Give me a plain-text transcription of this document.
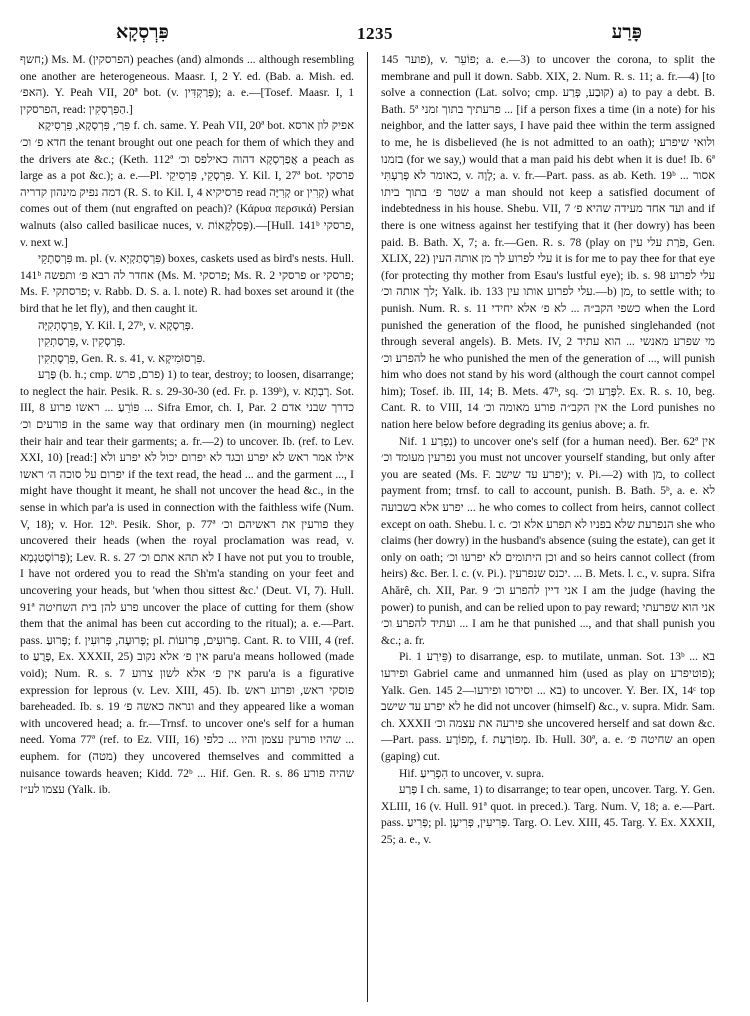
פִּרְסְקָא	1235	פָּרַע

חשף;) Ms. M. (הפרסקין) peaches (and) almonds ... although resembling one another are heterogeneous. Maasr. I, 2 Y. ed. (Bab. a. Mish. ed. האפ׳). Y. Peah VII, 20ª bot. (v. פְּרַקְדִּין); a. e.—[Tosef. Maasr. I, 1 הפרסקין, read: הַפִּרְסְקִין.]

פִּרְ׳, פִּרְסְקָא, פִּרְסִיקָא f. ch. same. Y. Peah VII, 20ª bot. אפיק לון ארסא חדא פ׳ וכ׳ the tenant brought out one peach for them of which they and the drivers ate &c.; (Keth. 112ª אֲפַרְסְקָא דהוה כאילפס וכ׳ a peach as large as a pot &c.); a. e.—Pl. פִּרְסְקֵי, פִּרְסִיקֵי. Y. Kil. I, 27ª bot. פרסקי דמה נפיק מינהון קדריה (R. S. to Kil. I, 4 פרסיקיא read קְרִיָּה or קְרִין) what comes out of them (nut engrafted on peach)? (Κάρυα περσικά) Persian walnuts (also called basilicae nuces, v. פְּסִלְקָאוֹת).—[Hull. 141ᵇ פרסקי, v. next w.]

פִּרְסַתְקֵי m. pl. (v. פִּרְסְתַקְיָא) boxes, caskets used as bird's nests. Hull. 141ᵇ אחדר לה רבא פ׳ ותפשה (Ms. M. פרסקי; Ms. R. 2 פרסקי or פרסקי; Ms. F. פרסתקי; v. Rabb. D. S. a. l. note) R. had boxes set around it (the bird that he let fly), and then caught it.

פִּרְסָתְקִיָּה, Y. Kil. I, 27ᵇ, v. פְּרַסְקָא.

פִּרְסַתְקִין, v. פְּרַסְקִין.

פִּרְסָתְקִין, Gen. R. s. 41, v. פִּרְסוּמִיקָא.

פָּרַע (b. h.; cmp. פרם, פרש) 1) to tear, destroy; to loosen, disarrange; to neglect the hair. Pesik. R. s. 29-30-30 (ed. Fr. p. 139ᵇ), v. רָבְתָא. Sot. III, 8 פּוֹרֵעַ ... ראשו פרוע ... Sifra Emor, ch. I, Par. 2 כדרך שבני אדם פורעים וכ׳ in the same way that ordinary men (in mourning) neglect their hair and tear their garments; a. fr.—2) to uncover. Ib. (ref. to Lev. XXI, 10) [read:] אילו אמר ראש לא יפרע ובגד לא יפרום יכול לא יפרע ולא יפרום על סוכה ה׳ ראשו if the text read, the head ... and the garment ..., I might have thought it meant, he shall not uncover the head &c., in the sense in which par'a is used in connection with the faithless wife (Num. V, 18); v. Hor. 12ᵇ. Pesik. Shor, p. 77ª פורעין את ראשיהם וכ׳ they uncovered their heads (when the royal proclamation was read, v. פְּרוֹסְטַגְמָא); Lev. R. s. 27 לא תהא אתם וכ׳ I have not put you to trouble, I have not ordered you to read the Sh'm'a standing on your feet and uncovering your heads, but 'when thou sittest &c.' (Deut. VI, 7). Hull. 91ª פרע להן בית השחיטה uncover the place of cutting for them (show them that the animal has been cut according to the ritual); a. e.—Part. pass. פָּרוּעַ; f. פְּרוּעָה, פְּרוּעִין; pl. פְּרוּעִים, פְּרוּעוֹת. Cant. R. to VIII, 4 (ref. to פָּרֻעַ, Ex. XXXII, 25) אין פ׳ אלא נקוב paru'a means hollowed (made void); Num. R. s. 7 אין פ׳ אלא לשון צרוע paru'a is a figurative expression for leprous (v. Lev. XIII, 45). Ib. פוסקי ראש, ופרוע ראש bareheaded. Ib. s. 19 ונראה כאשה פ׳ and they appeared like a woman with uncovered head; a. fr.—Trnsf. to uncover one's self for a human need. Yoma 77ª (ref. to Ez. VIII, 16) שהיו פורעין עצמן והיו ... כלפי ... euphem. for (מטה) they uncovered themselves and committed a nuisance towards heaven; Kidd. 72ᵇ ... Hif. Gen. R. s. 86 שהיה פורע עצמו לע״ז (Yalk. ib.

145 פוער), v. פוֹעֵר; a. e.—3) to uncover the corona, to split the membrane and pull it down. Sabb. XIX, 2. Num. R. s. 11; a. fr.—4) [to solve a connection (Lat. solvo; cmp. קוּבַע, פְּרַע) a) to pay a debt. B. Bath. 5ª פרעתיך בתוך זמני ... [if a person fixes a time (in a note) for his neighbor, and the latter says, I have paid thee within the term assigned to me, he is disbelieved (he is not admitted to an oath); ולואי שיפרע בזמנו (for we say,) would that a man paid his debt when it is due! Ib. 6ª כאומר לא פְּרַעְתִּי, v. לָוָה; a. v. fr.—Part. pass. as ab. Keth. 19ᵇ אסור ... שטר פ׳ בתוך ביתו a man should not keep a satisfied document of indebtedness in his house. Shebu. VII, 7 ועד אחד מעידה שהיא פ׳ and if there is one witness against her testifying that it (her dowry) has been paid. B. Bath. X, 7; a. fr.—Gen. R. s. 78 (play on פֹּרַת עלי עין, Gen. XLIX, 22) עלי לפרוע לך מן אותה העין it is for me to pay thee for that eye (for protecting thy mother from Esau's lustful eye); ib. s. 98 עלי לפרוע לך אותה וכ׳; Yalk. ib. 133 עלי לפרוע אותו עין.—b) מן, to settle with; to punish. Num. R. s. 11 כשפי הקב״ה ... לא פ׳ אלא יחידי when the Lord punished the generation of the flood, he punished singlehanded (not through several angels). B. Mets. IV, 2 מי שפרע מאנשי ... הוא עתיד להפרע וכ׳ he who punished the men of the generation of ..., will punish him who does not stand by his word (although the court cannot compel him); Tosef. ib. III, 14; B. Mets. 47ᵇ, sq. לִפָּרַע וכ׳. Ex. R. s. 10, beg. Cant. R. to VIII, 14 אין הקב״ה פורע מאומה וכ׳ the Lord punishes no nation here below before degrading its genius above; a. fr.

Nif. נִפְרַע 1) to uncover one's self (for a human need). Ber. 62ª אין נפרעין מעומד וכ׳ you must not uncover yourself standing, but only after you are seated (Ms. F. יפרע עד שישב); v. Pi.—2) with מן, to collect payment from; trnsf. to call to account, punish. B. Bath. 5ᵇ, a. e. לא יפרע אלא בשבועה ... he who comes to collect from heirs, cannot collect except on oath. Shebu. l. c. הנפרעת שלא בפניו לא תפרע אלא וכ׳ she who claims (her dowry) in the husband's absence (suing the estate), can get it only on oath; וכן היתומים לא יפרעו וכ׳ and so heirs cannot collect (from heirs) &c. Ber. l. c. (v. Pi.). יכנס שנפרעין. ... B. Mets. l. c., v. supra. Sifra Ahărê, ch. XII, Par. 9 אני דיין להפרע וכ׳ I am the judge (having the power) to punish, and can be relied upon to pay reward; אני הוא שפרעתי ... ועתיד להפרע וכ׳ I am he that punished ..., and that shall punish you &c.; a. fr.

Pi. פֵּירַע 1) to disarrange, esp. to mutilate, unman. Sot. 13ᵇ בא ... ופירעו Gabriel came and unmanned him (used as play on פוטיפרע); Yalk. Gen. 145 בא ... וסירסו ופירעו—2) to uncover. Y. Ber. IX, 14ᶜ top לא יפרע עד שישב he did not uncover (himself) &c., v. supra. Midr. Sam. ch. XXXII פירעה את עצמה וכ׳ she uncovered herself and sat down &c.—Part. pass. מְפוֹרָע, f. מְפוֹרַעַת. Ib. Hull. 30ª, a. e. שחיטה פ׳ an open (gaping) cut.

Hif. הִפְרִיעַ to uncover, v. supra.

פְּרַע I ch. same, 1) to disarrange; to tear open, uncover. Targ. Y. Gen. XLIII, 16 (v. Hull. 91ª quot. in preced.). Targ. Num. V, 18; a. e.—Part. pass. פְּרִיעַ; pl. פְּרִיעִין, פְּרִיעָן. Targ. O. Lev. XIII, 45. Targ. Y. Ex. XXXII, 25; a. e., v.
